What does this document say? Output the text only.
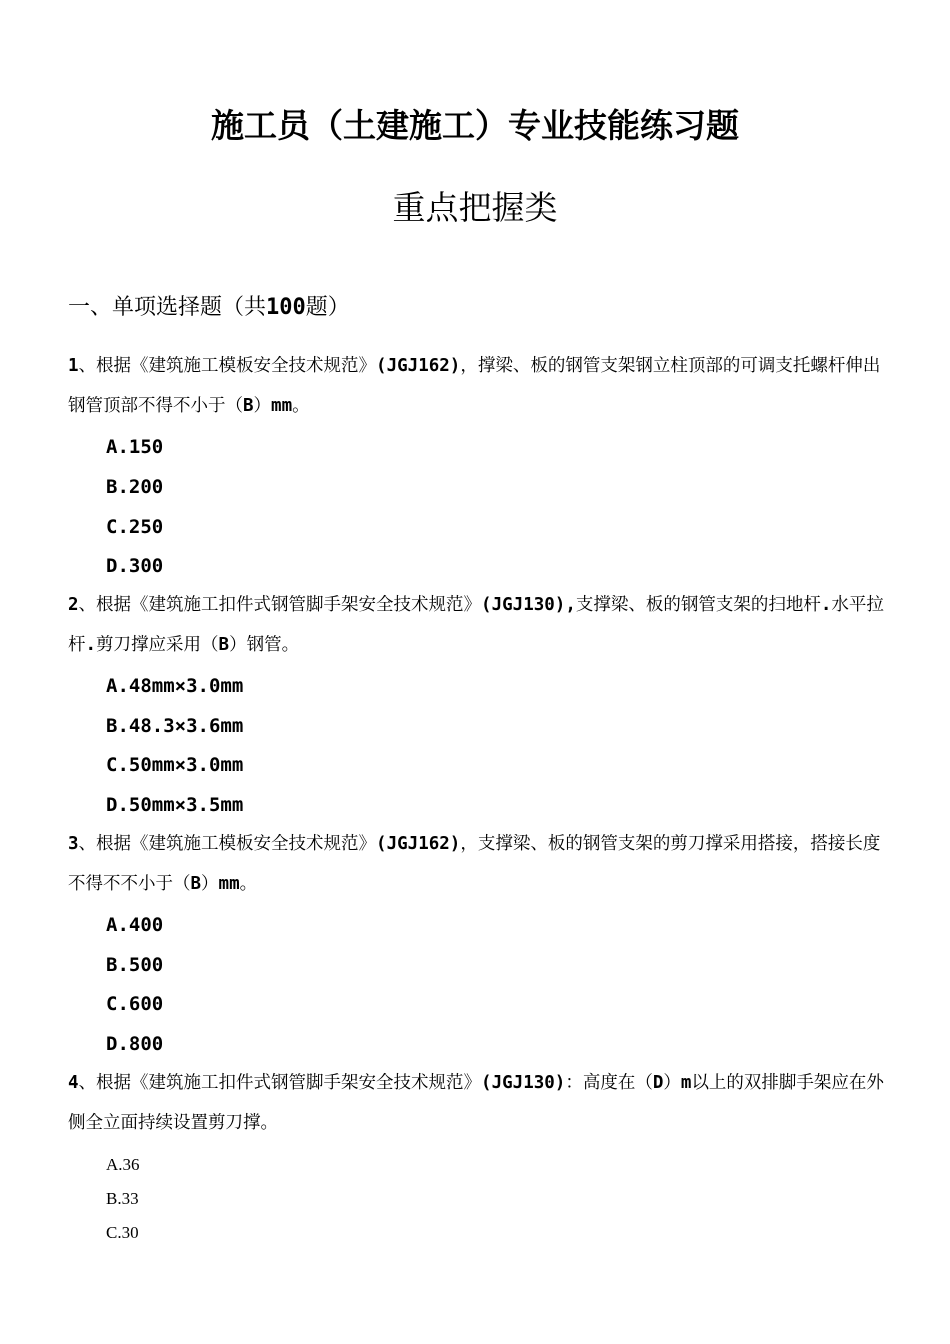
施工员（土建施工）专业技能练习题
重点把握类
一、单项选择题（共100题）
1、根据《建筑施工模板安全技术规范》(JGJ162)，撑梁、板的钢管支架钢立柱顶部的可调支托螺杆伸出钢管顶部不得不小于（B）mm。
A.150
B.200
C.250
D.300
2、根据《建筑施工扣件式钢管脚手架安全技术规范》(JGJ130),支撑梁、板的钢管支架的扫地杆.水平拉杆.剪刀撑应采用（B）钢管。
A.48mm×3.0mm
B.48.3×3.6mm
C.50mm×3.0mm
D.50mm×3.5mm
3、根据《建筑施工模板安全技术规范》(JGJ162)，支撑梁、板的钢管支架的剪刀撑采用搭接，搭接长度不得不不小于（B）mm。
A.400
B.500
C.600
D.800
4、根据《建筑施工扣件式钢管脚手架安全技术规范》(JGJ130)：高度在（D）m以上的双排脚手架应在外侧全立面持续设置剪刀撑。
A.36
B.33
C.30
